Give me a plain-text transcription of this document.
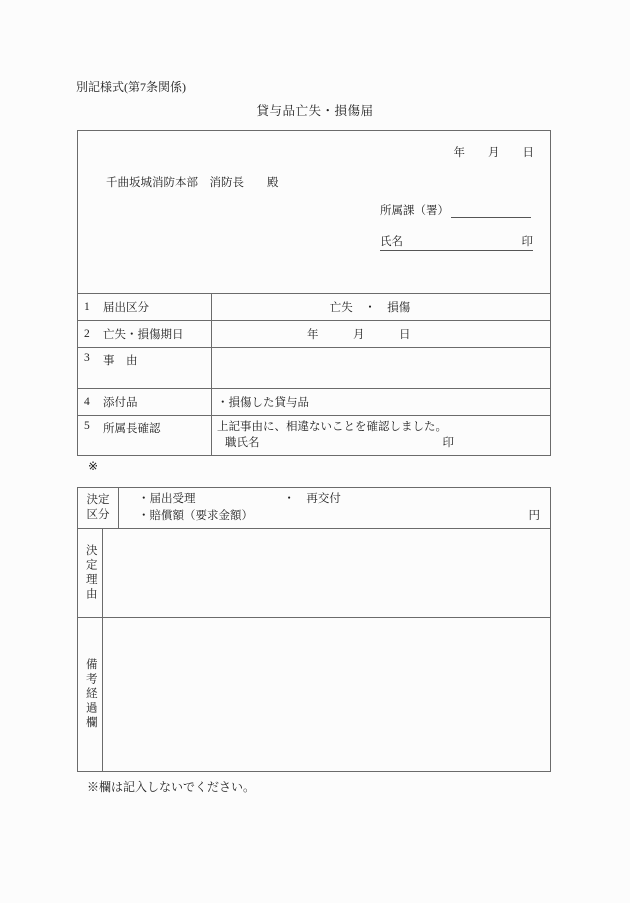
別記様式(第7条関係)
貸与品亡失・損傷届
年　　月　　日
千曲坂城消防本部　消防長　　殿
所属課（署）
氏名	印
1	届出区分	亡失　・　損傷
2	亡失・損傷期日	年　　　月　　　日
3	事　由
4	添付品	・損傷した貸与品
5	所属長確認	上記事由に、相違ないことを確認しました。
職氏名	印
※
決定
区分
・届出受理	・　再交付
・賠償額（要求金額）	円
決定理由
備考経過欄
※欄は記入しないでください。
